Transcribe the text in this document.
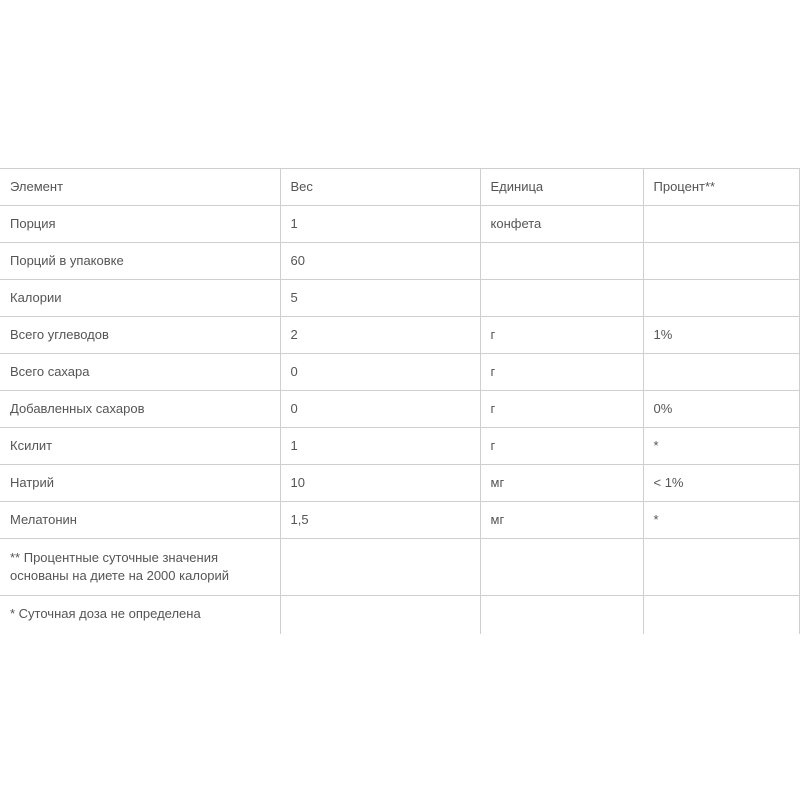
Элемент	Вес	Единица	Процент**
Порция	1	конфета	
Порций в упаковке	60		
Калории	5		
Всего углеводов	2	г	1%
Всего сахара	0	г	
Добавленных сахаров	0	г	0%
Ксилит	1	г	*
Натрий	10	мг	< 1%
Мелатонин	1,5	мг	*
** Процентные суточные значения основаны на диете на 2000 калорий			
* Суточная доза не определена			
